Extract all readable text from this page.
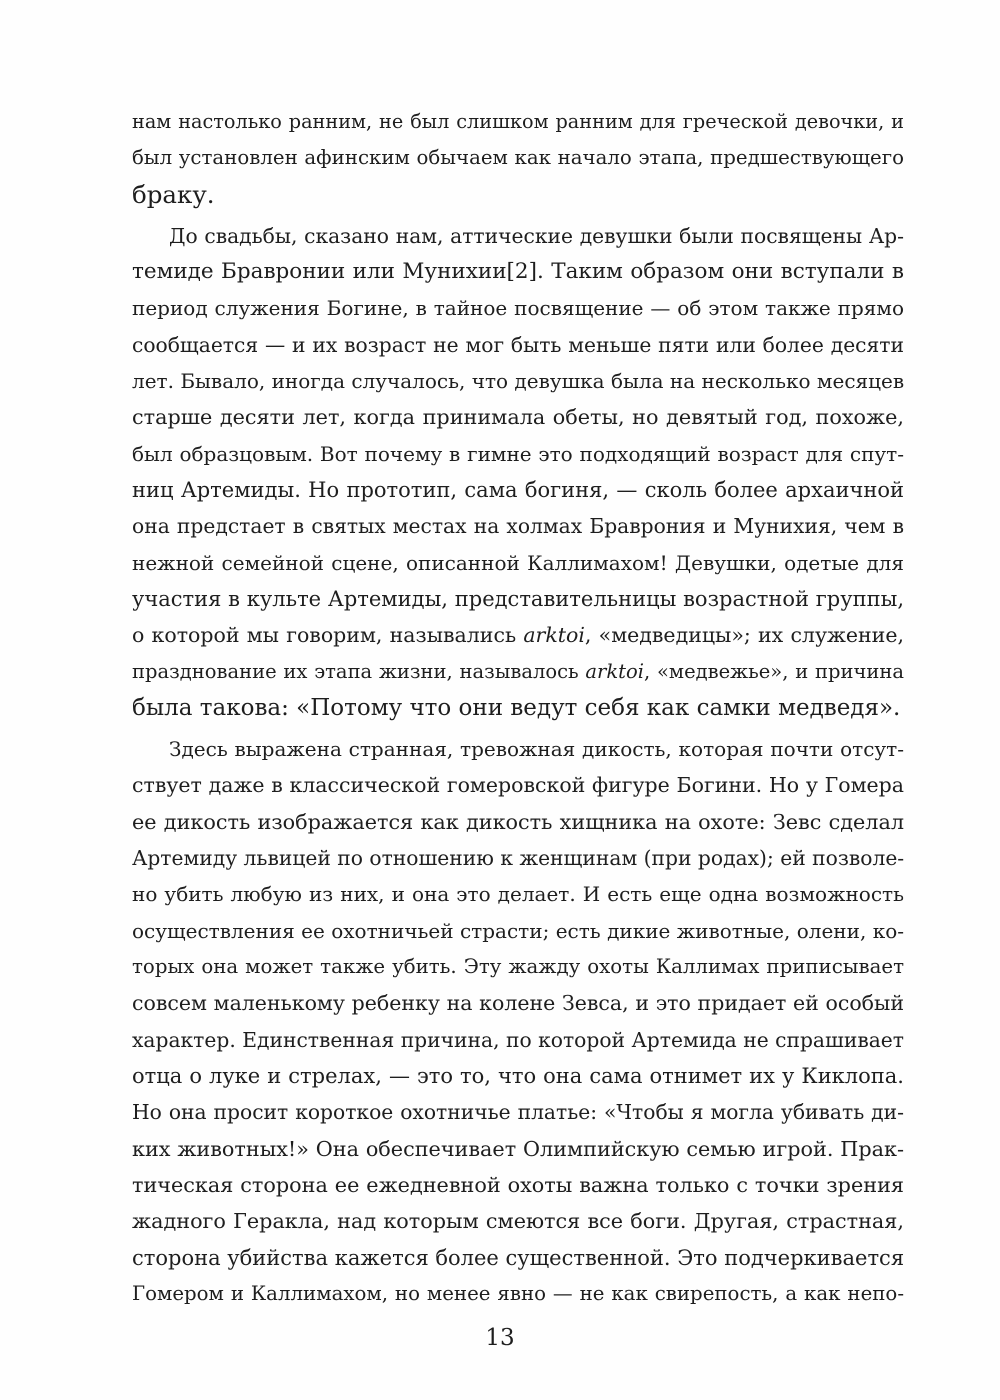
нам настолько ранним, не был слишком ранним для греческой девочки, и
был установлен афинским обычаем как начало этапа, предшествующего
браку.
До свадьбы, сказано нам, аттические девушки были посвящены Ар-
темиде Бравронии или Мунихии[2]. Таким образом они вступали в
период служения Богине, в тайное посвящение — об этом также прямо
сообщается — и их возраст не мог быть меньше пяти или более десяти
лет. Бывало, иногда случалось, что девушка была на несколько месяцев
старше десяти лет, когда принимала обеты, но девятый год, похоже,
был образцовым. Вот почему в гимне это подходящий возраст для спут-
ниц Артемиды. Но прототип, сама богиня, — сколь более архаичной
она предстает в святых местах на холмах Браврония и Мунихия, чем в
нежной семейной сцене, описанной Каллимахом! Девушки, одетые для
участия в культе Артемиды, представительницы возрастной группы,
о которой мы говорим, назывались arktoi, «медведицы»; их служение,
празднование их этапа жизни, называлось arktoi, «медвежье», и причина
была такова: «Потому что они ведут себя как самки медведя».
Здесь выражена странная, тревожная дикость, которая почти отсут-
ствует даже в классической гомеровской фигуре Богини. Но у Гомера
ее дикость изображается как дикость хищника на охоте: Зевс сделал
Артемиду львицей по отношению к женщинам (при родах); ей позволе-
но убить любую из них, и она это делает. И есть еще одна возможность
осуществления ее охотничьей страсти; есть дикие животные, олени, ко-
торых она может также убить. Эту жажду охоты Каллимах приписывает
совсем маленькому ребенку на колене Зевса, и это придает ей особый
характер. Единственная причина, по которой Артемида не спрашивает
отца о луке и стрелах, — это то, что она сама отнимет их у Киклопа.
Но она просит короткое охотничье платье: «Чтобы я могла убивать ди-
ких животных!» Она обеспечивает Олимпийскую семью игрой. Прак-
тическая сторона ее ежедневной охоты важна только с точки зрения
жадного Геракла, над которым смеются все боги. Другая, страстная,
сторона убийства кажется более существенной. Это подчеркивается
Гомером и Каллимахом, но менее явно — не как свирепость, а как непо-
13
